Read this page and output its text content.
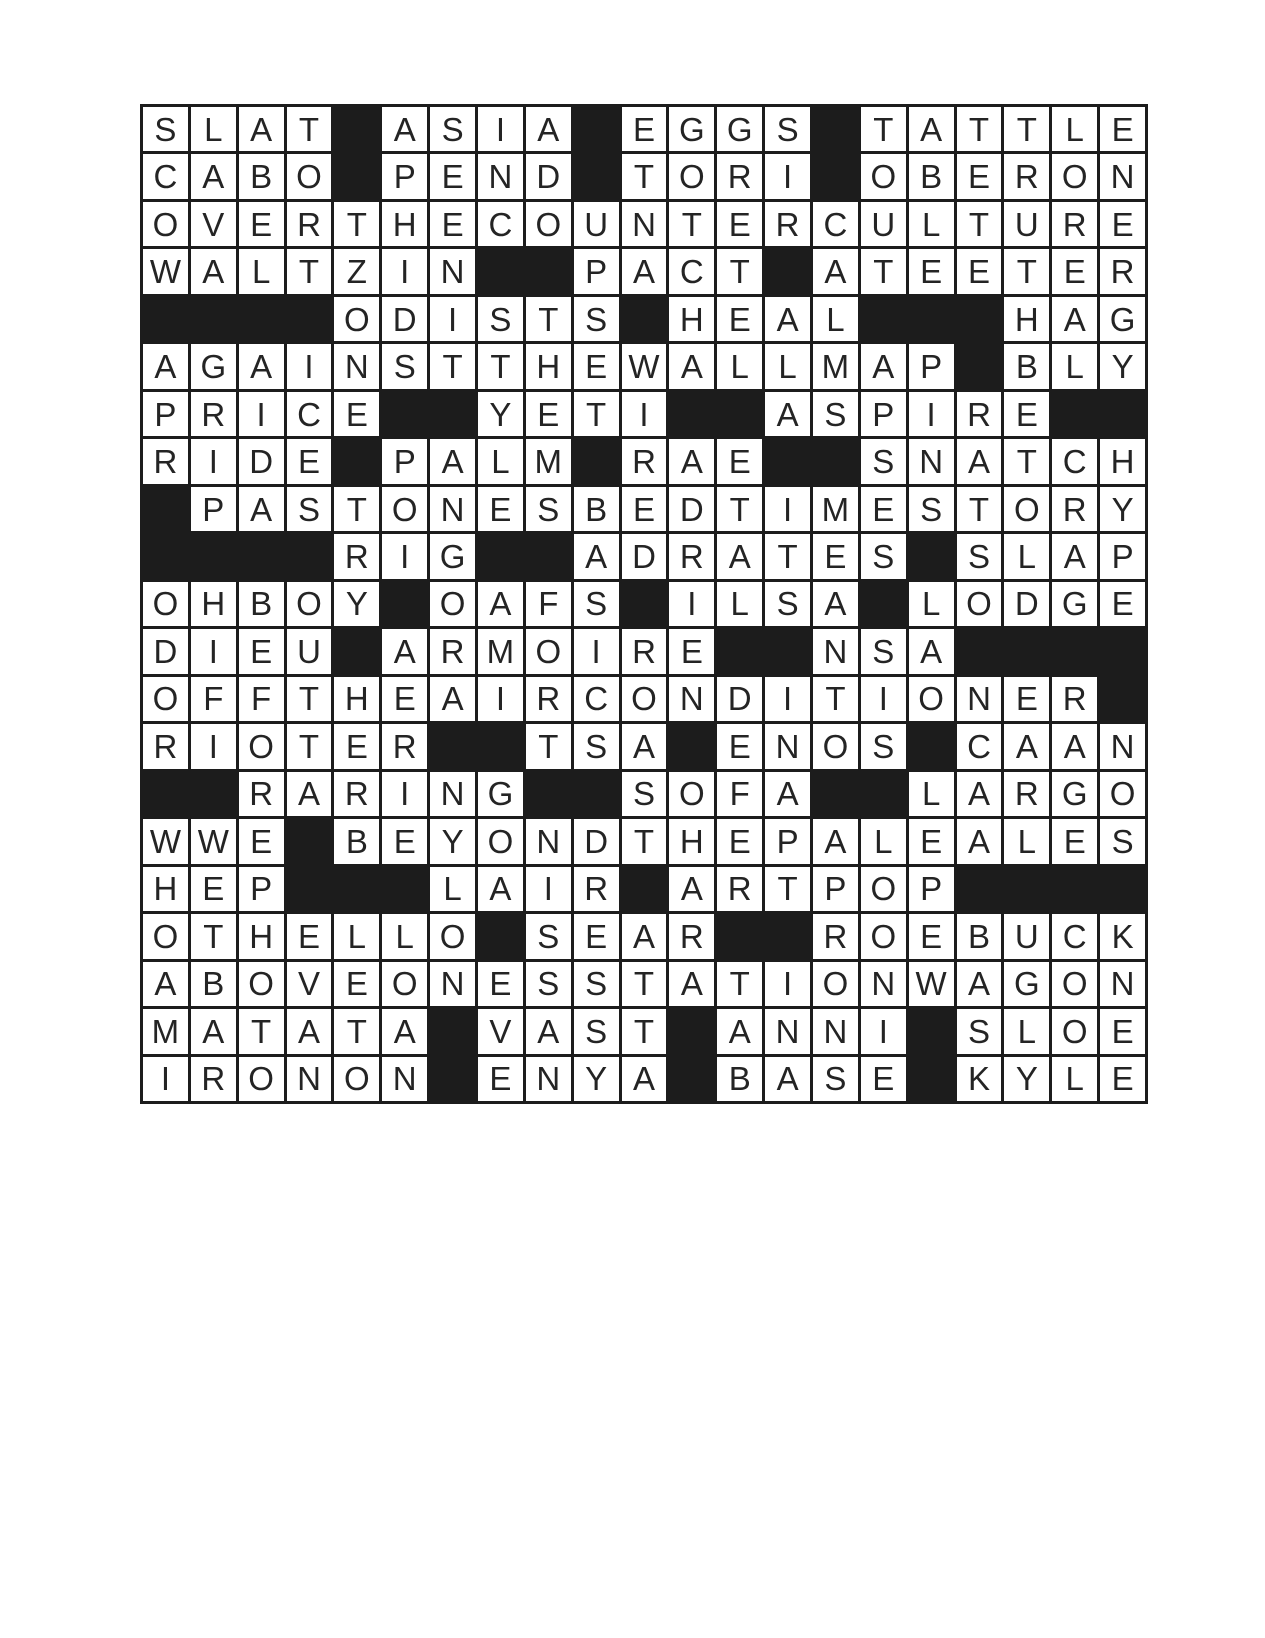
S L A T	A S I A	E G G S	T A T T L E
C A B O	P E N D	T O R I	O B E R O N
O V E R T H E C O U N T E R C U L T U R E
W A L T Z	I N	P A C T	A T E E T E R
O D I S T S	H E A L	H A G
A G A I N S T T H E W A L L M A P	B L Y
P R I C E	Y E T	I	A S P I R E
R I D E	P A L M	R A E	S N A T C H
P A S T O N E S B E D T	I M E S T O R Y
R I G	A D R A T E S	S L A P
O H B O Y	O A F S	I	L S A	L O D G E
D I E U	A R M O I R E	N S A
O F F T H E A I R C O N D I	T	I O N E R
R I O T E R	T S A	E N O S	C A A N
R A R I N G	S O F A	L A R G O
W W E	B E Y O N D T H E P A L E A L E S
H E P	L A I R	A R T P O P
O T H E L L O	S E A R	R O E B U C K
A B O V E O N E S S T A T	I O N W A G O N
M A T A T A	V A S T	A N N I	S L O E
I R O N O N	E N Y A	B A S E	K Y L E
